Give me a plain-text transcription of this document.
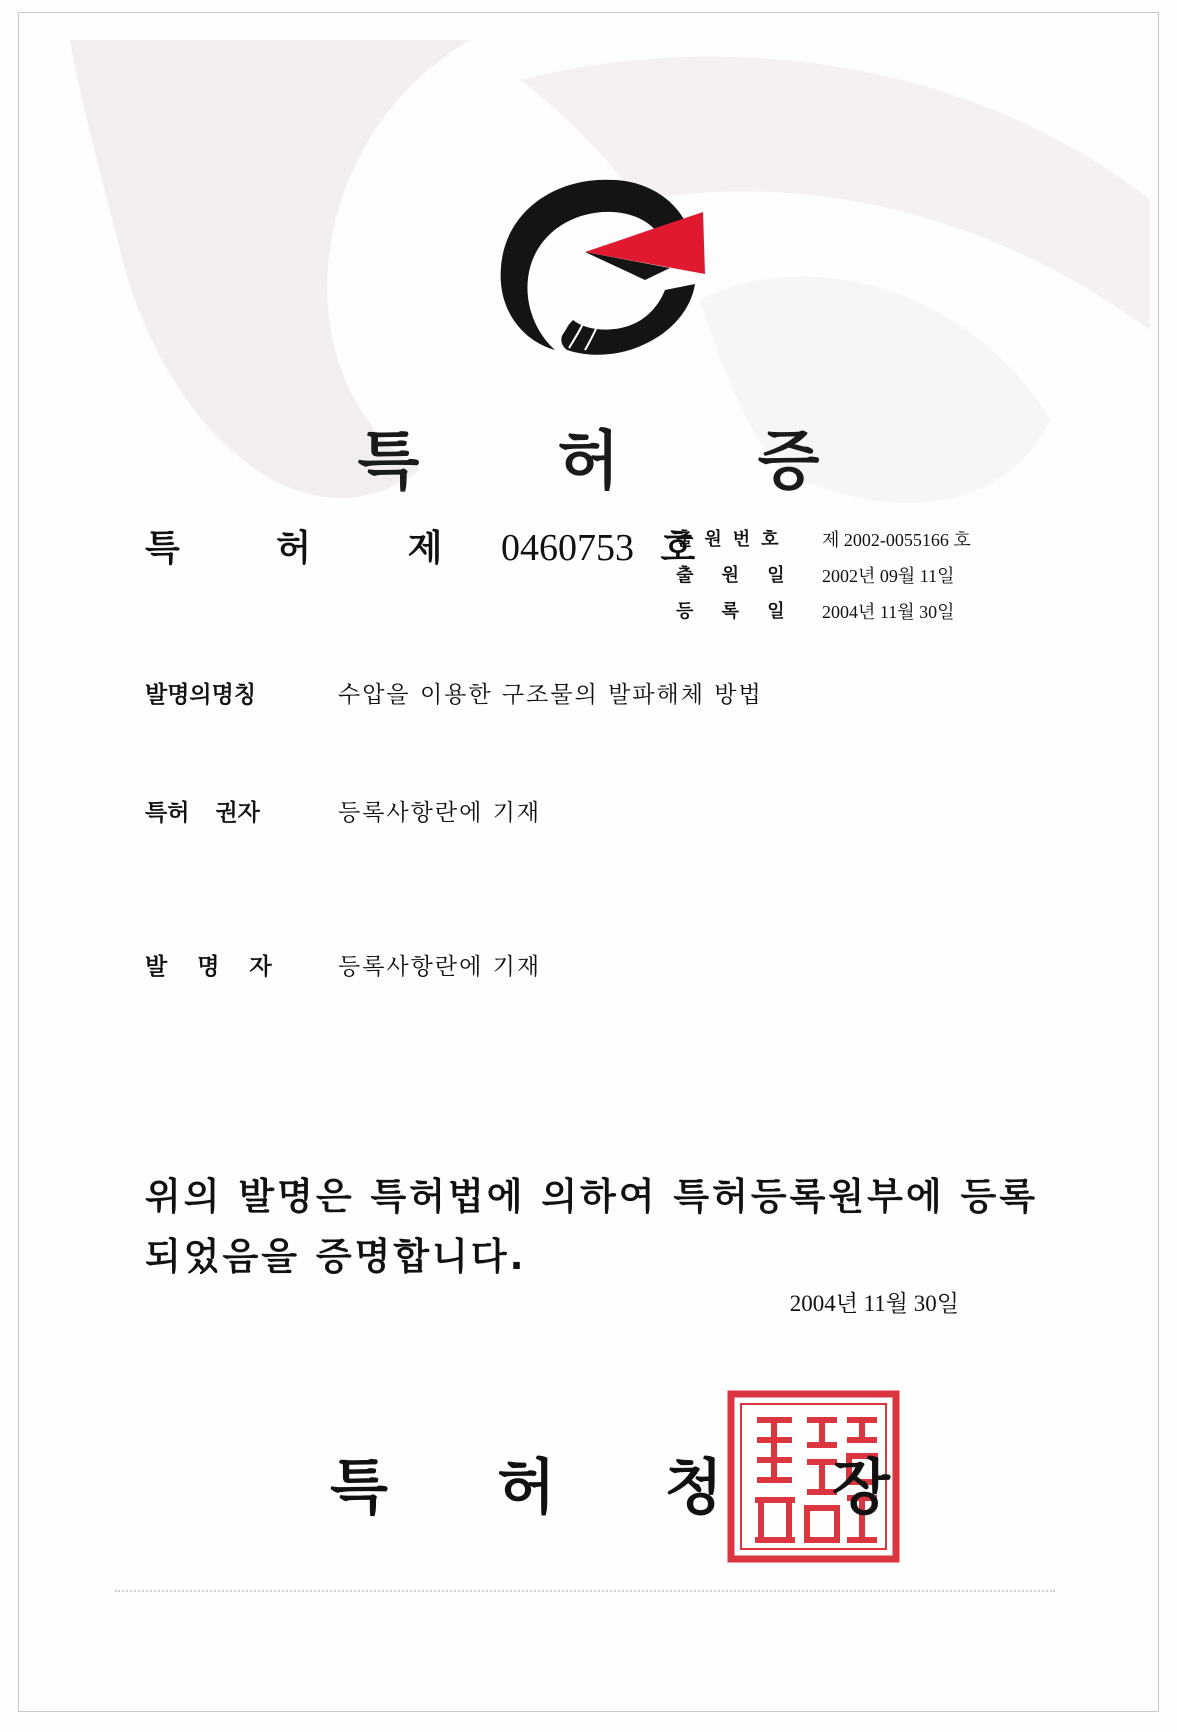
특 허 증
특 허 제 0460753 호
출원번호	제 2002-0055166 호
출 원 일	2002년 09월 11일
등 록 일	2004년 11월 30일
발명의명칭	수압을 이용한 구조물의 발파해체 방법
특허 권자	등록사항란에 기재
발명자	등록사항란에 기재
위의 발명은 특허법에 의하여 특허등록원부에 등록
되었음을 증명합니다.
2004년 11월 30일
특 허 청 장
